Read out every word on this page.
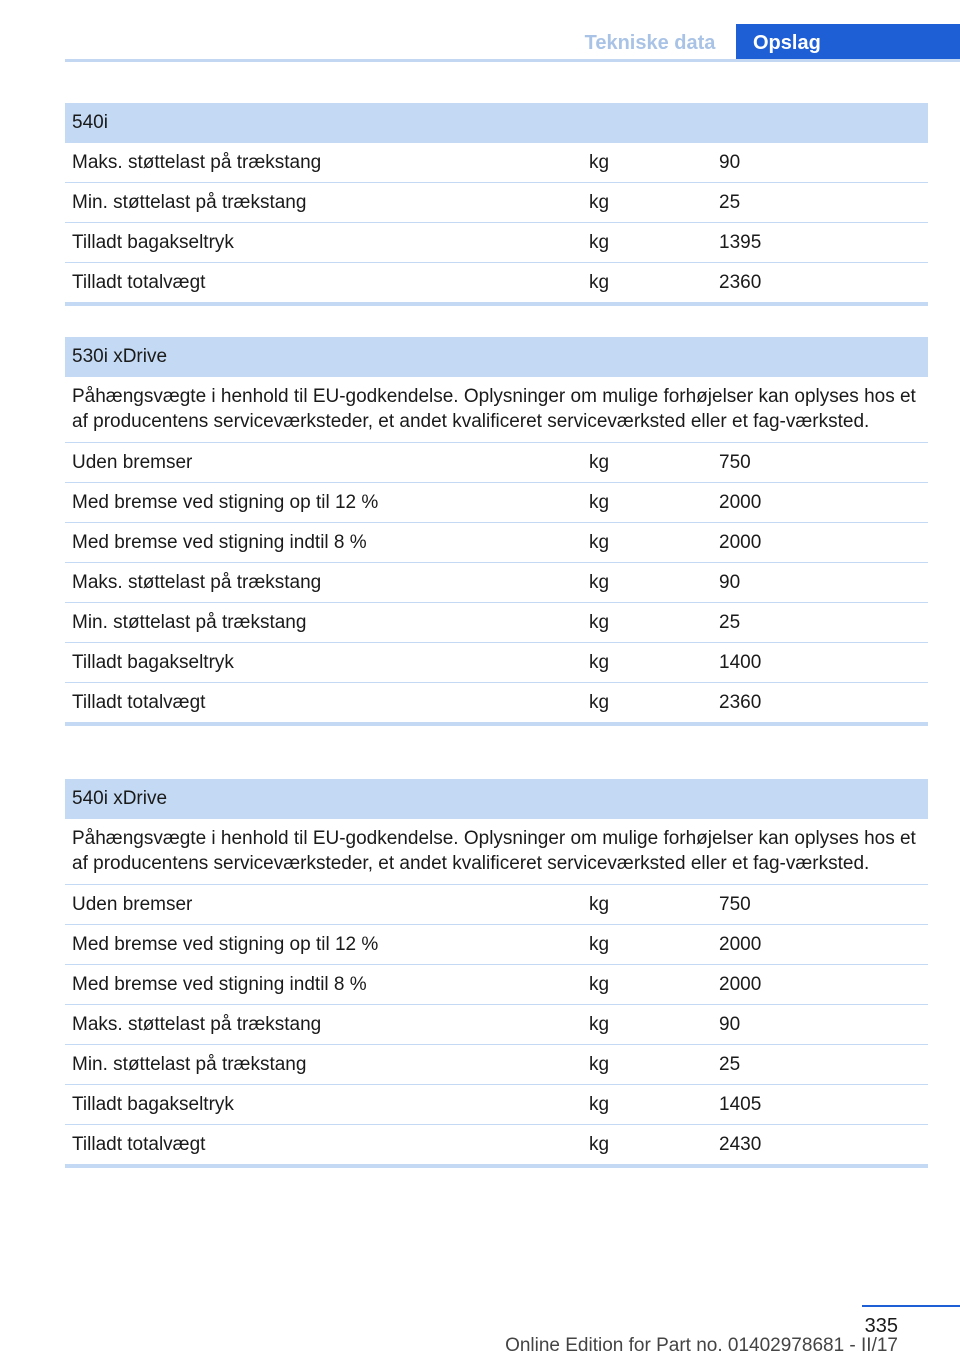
Tekniske data	Opslag
540i
Maks. støttelast på trækstang	kg	90
Min. støttelast på trækstang	kg	25
Tilladt bagakseltryk	kg	1395
Tilladt totalvægt	kg	2360
530i xDrive
Påhængsvægte i henhold til EU-godkendelse. Oplysninger om mulige forhøjelser kan oplyses hos et af producentens serviceværksteder, et andet kvalificeret serviceværksted eller et fag-værksted.
Uden bremser	kg	750
Med bremse ved stigning op til 12 %	kg	2000
Med bremse ved stigning indtil 8 %	kg	2000
Maks. støttelast på trækstang	kg	90
Min. støttelast på trækstang	kg	25
Tilladt bagakseltryk	kg	1400
Tilladt totalvægt	kg	2360
540i xDrive
Påhængsvægte i henhold til EU-godkendelse. Oplysninger om mulige forhøjelser kan oplyses hos et af producentens serviceværksteder, et andet kvalificeret serviceværksted eller et fag-værksted.
Uden bremser	kg	750
Med bremse ved stigning op til 12 %	kg	2000
Med bremse ved stigning indtil 8 %	kg	2000
Maks. støttelast på trækstang	kg	90
Min. støttelast på trækstang	kg	25
Tilladt bagakseltryk	kg	1405
Tilladt totalvægt	kg	2430
335
Online Edition for Part no. 01402978681 - II/17
